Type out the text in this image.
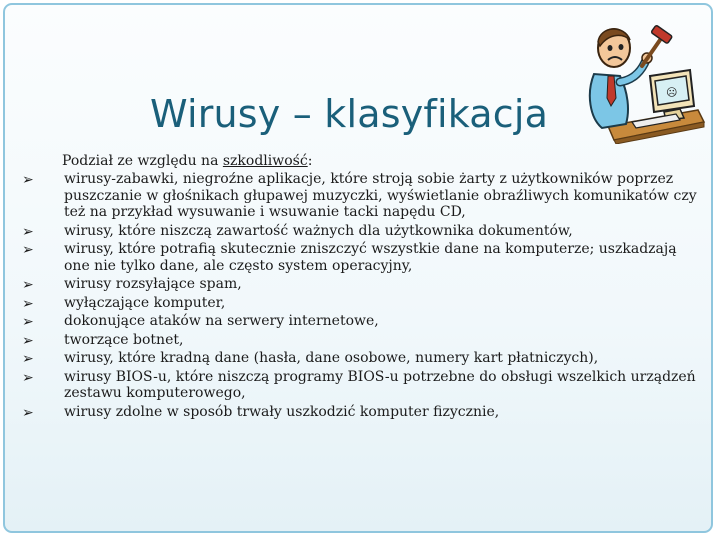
Wirusy – klasyfikacja	☹
Podział ze względu na szkodliwość:
➢ wirusy-zabawki, niegroźne aplikacje, które stroją sobie żarty z użytkowników poprzez puszczanie w głośnikach głupawej muzyczki, wyświetlanie obraźliwych komunikatów czy też na przykład wysuwanie i wsuwanie tacki napędu CD,
➢ wirusy, które niszczą zawartość ważnych dla użytkownika dokumentów,
➢ wirusy, które potrafią skutecznie zniszczyć wszystkie dane na komputerze; uszkadzają one nie tylko dane, ale często system operacyjny,
➢ wirusy rozsyłające spam,
➢ wyłączające komputer,
➢ dokonujące ataków na serwery internetowe,
➢ tworzące botnet,
➢ wirusy, które kradną dane (hasła, dane osobowe, numery kart płatniczych),
➢ wirusy BIOS-u, które niszczą programy BIOS-u potrzebne do obsługi wszelkich urządzeń zestawu komputerowego,
➢ wirusy zdolne w sposób trwały uszkodzić komputer fizycznie,
